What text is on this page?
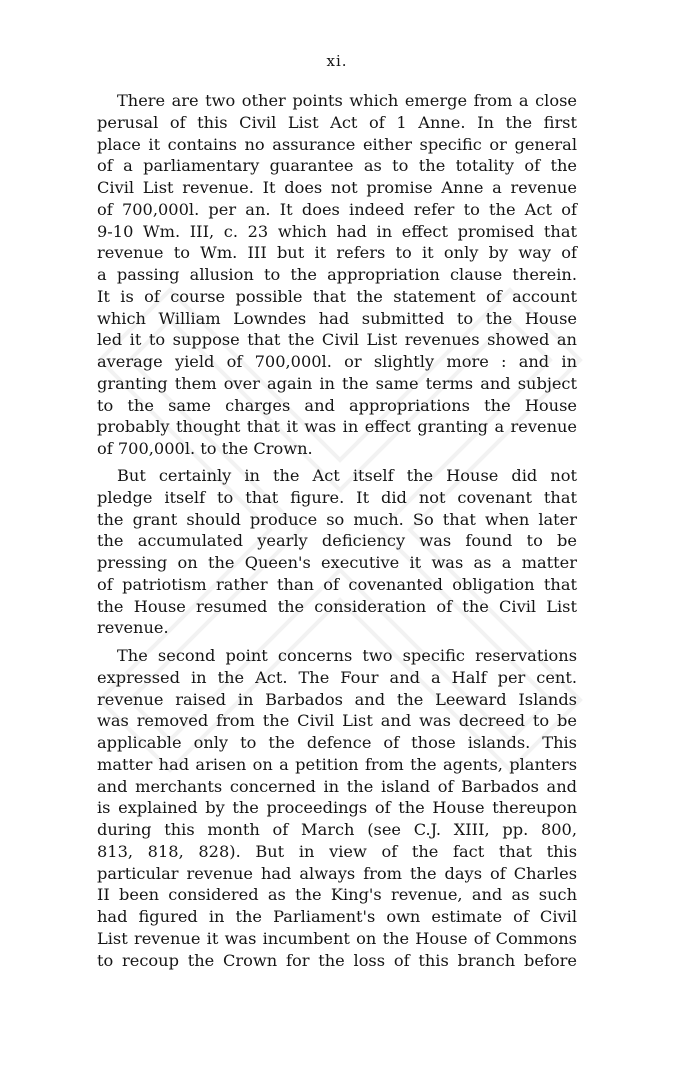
xi.
There are two other points which emerge from a close
perusal of this Civil List Act of 1 Anne. In the first
place it contains no assurance either specific or general
of a parliamentary guarantee as to the totality of the
Civil List revenue. It does not promise Anne a revenue
of 700,000l. per an. It does indeed refer to the Act of
9-10 Wm. III, c. 23 which had in effect promised that
revenue to Wm. III but it refers to it only by way of
a passing allusion to the appropriation clause therein.
It is of course possible that the statement of account
which William Lowndes had submitted to the House
led it to suppose that the Civil List revenues showed an
average yield of 700,000l. or slightly more : and in
granting them over again in the same terms and subject
to the same charges and appropriations the House
probably thought that it was in effect granting a revenue
of 700,000l. to the Crown.
But certainly in the Act itself the House did not
pledge itself to that figure. It did not covenant that
the grant should produce so much. So that when later
the accumulated yearly deficiency was found to be
pressing on the Queen's executive it was as a matter
of patriotism rather than of covenanted obligation that
the House resumed the consideration of the Civil List
revenue.
The second point concerns two specific reservations
expressed in the Act. The Four and a Half per cent.
revenue raised in Barbados and the Leeward Islands
was removed from the Civil List and was decreed to be
applicable only to the defence of those islands. This
matter had arisen on a petition from the agents, planters
and merchants concerned in the island of Barbados and
is explained by the proceedings of the House thereupon
during this month of March (see C.J. XIII, pp. 800,
813, 818, 828). But in view of the fact that this
particular revenue had always from the days of Charles
II been considered as the King's revenue, and as such
had figured in the Parliament's own estimate of Civil
List revenue it was incumbent on the House of Commons
to recoup the Crown for the loss of this branch before
